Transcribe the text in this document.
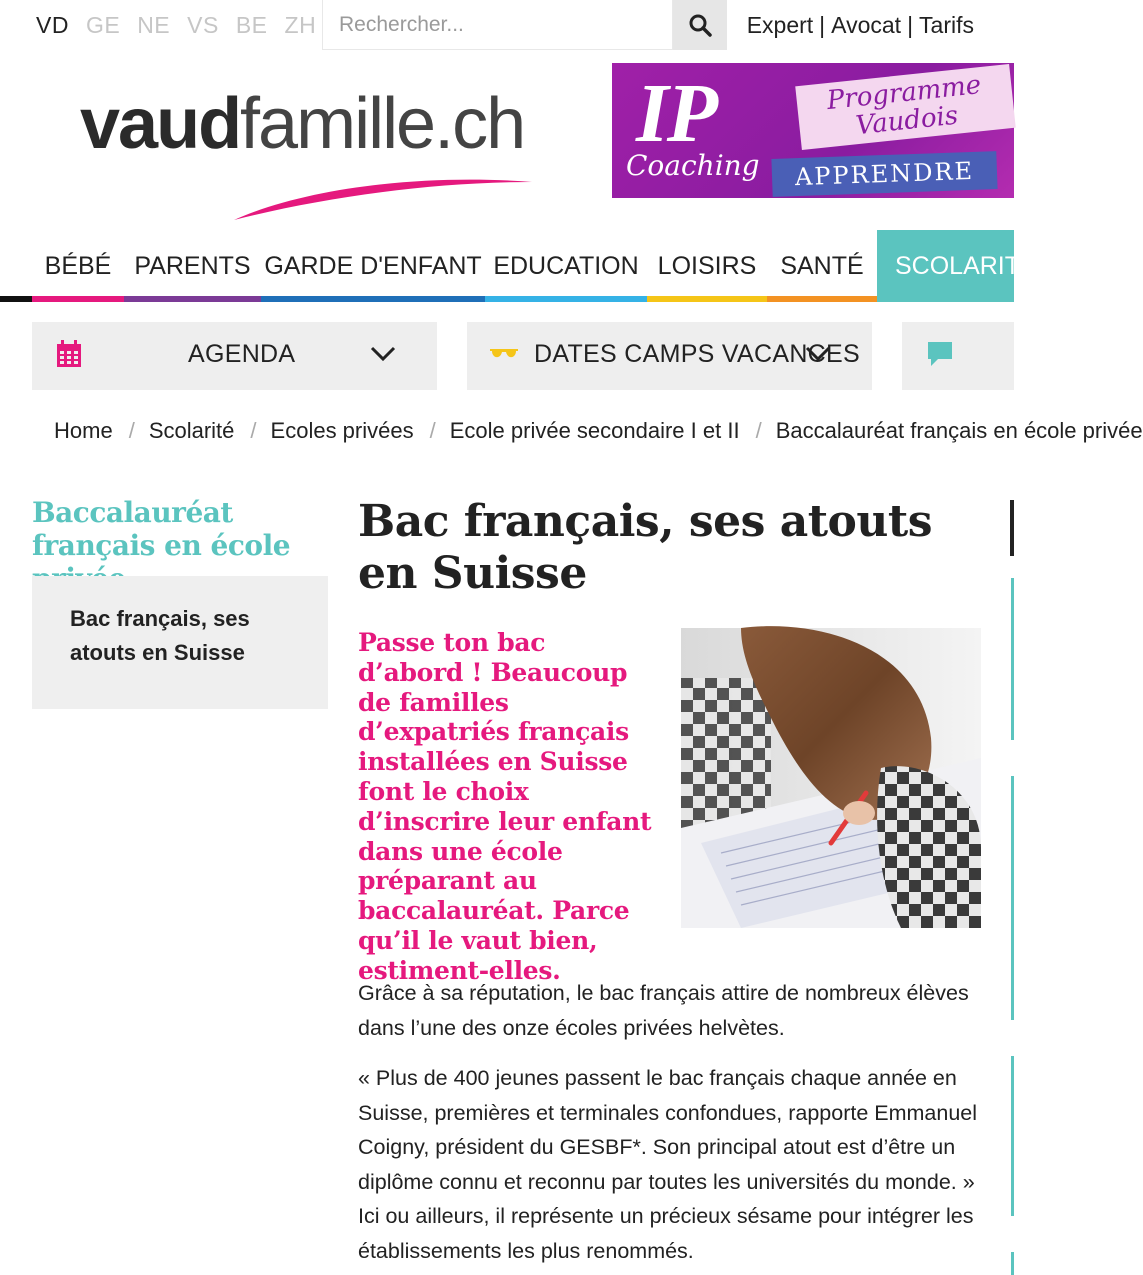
VD GE NE VS BE ZH
Rechercher...	Expert | Avocat | Tarifs
vaudfamille.ch IP
Coaching
Programme Vaudois
APPRENDRE
BÉBÉ PARENTS GARDE D'ENFANT EDUCATION LOISIRS SANTÉ	SCOLARITÉ
AGENDA	DATES CAMPS VACANCES
Home / Scolarité / Ecoles privées / Ecole privée secondaire I et II / Baccalauréat français en école privée
Baccalauréat français en école
Bac français, ses atouts en Suisse
Bac français, ses atouts en Suisse
Passe ton bac d’abord ! Beaucoup de familles d’expatriés français installées en Suisse font le choix d’inscrire leur enfant dans une école préparant au baccalauréat. Parce qu’il le vaut bien, estiment-elles.

Grâce à sa réputation, le bac français attire de nombreux élèves dans l’une des onze écoles privées helvètes.

« Plus de 400 jeunes passent le bac français chaque année en Suisse, premières et terminales confondues, rapporte Emmanuel Coigny, président du GESBF*. Son principal atout est d’être un diplôme connu et reconnu par toutes les universités du monde. » Ici ou ailleurs, il représente un précieux sésame pour intégrer les établissements les plus renommés.
